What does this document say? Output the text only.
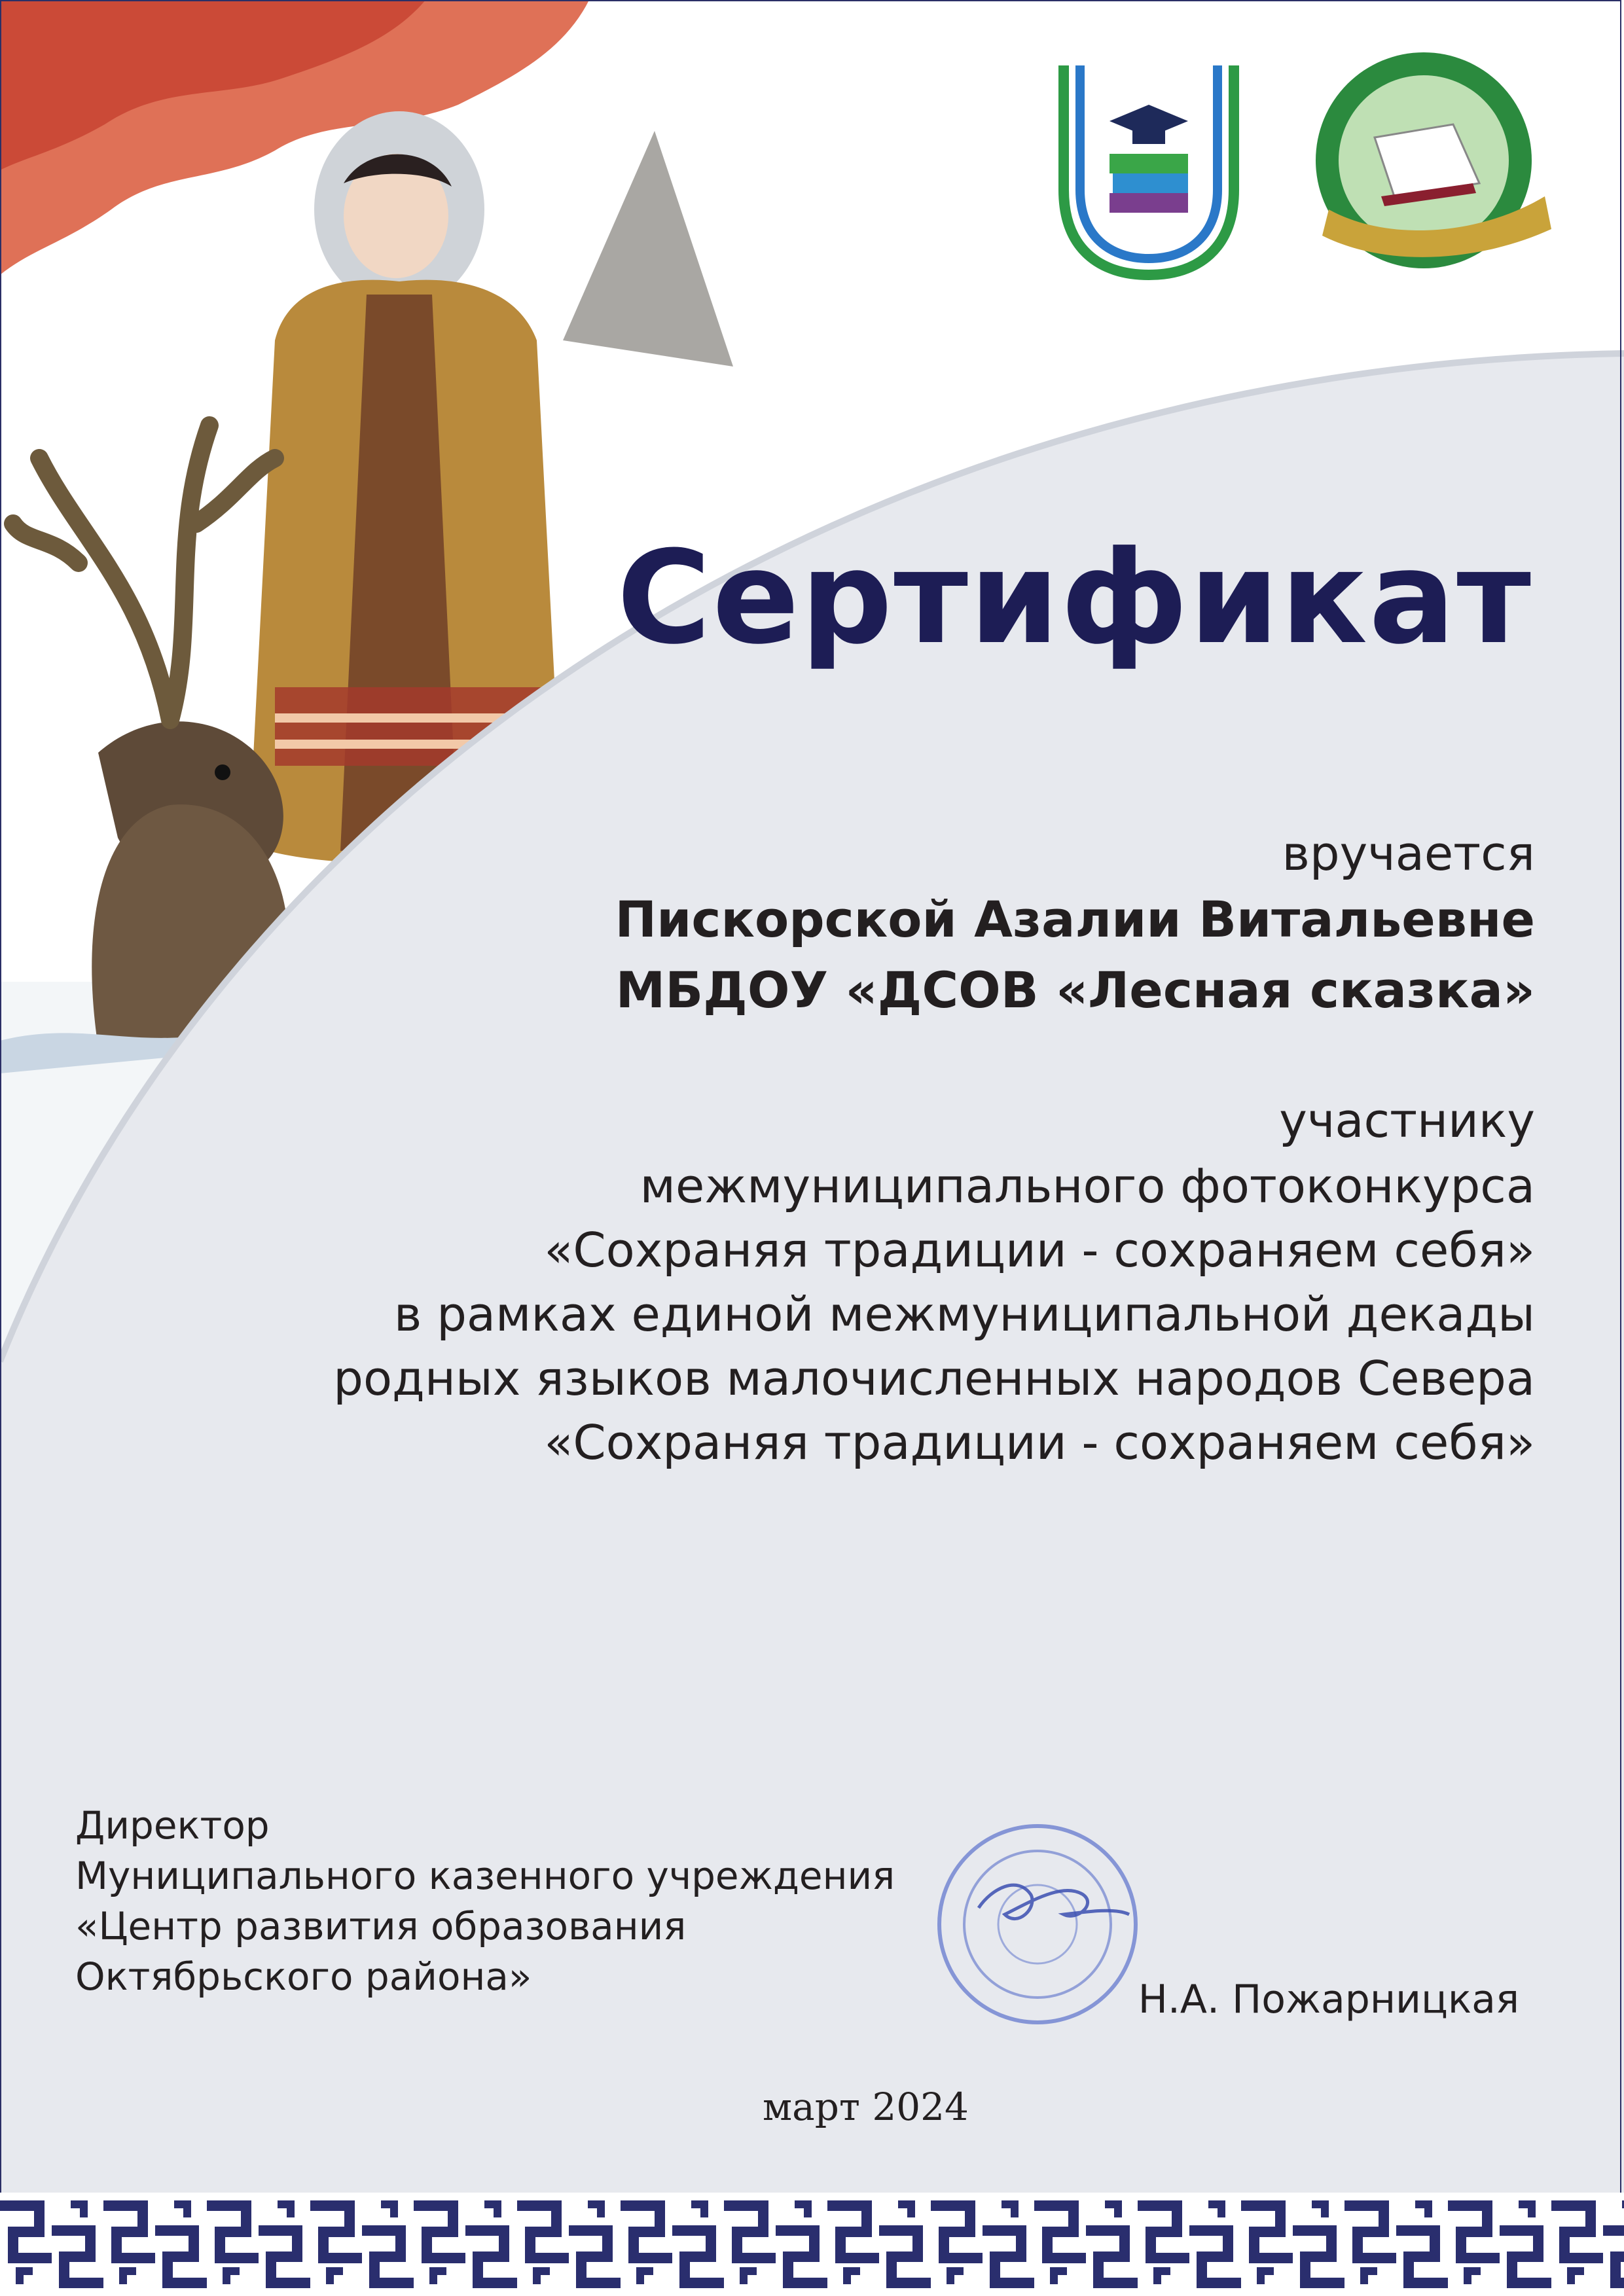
Сертификат
вручается
Пискорской Азалии Витальевне
МБДОУ «ДСОВ «Лесная сказка»
участнику
межмуниципального фотоконкурса
«Сохраняя традиции - сохраняем себя»
в рамках единой межмуниципальной декады
родных языков малочисленных народов Севера
«Сохраняя традиции - сохраняем себя»
Директор
Муниципального казенного учреждения
«Центр развития образования
Октябрьского района»	Н.А. Пожарницкая
март 2024
